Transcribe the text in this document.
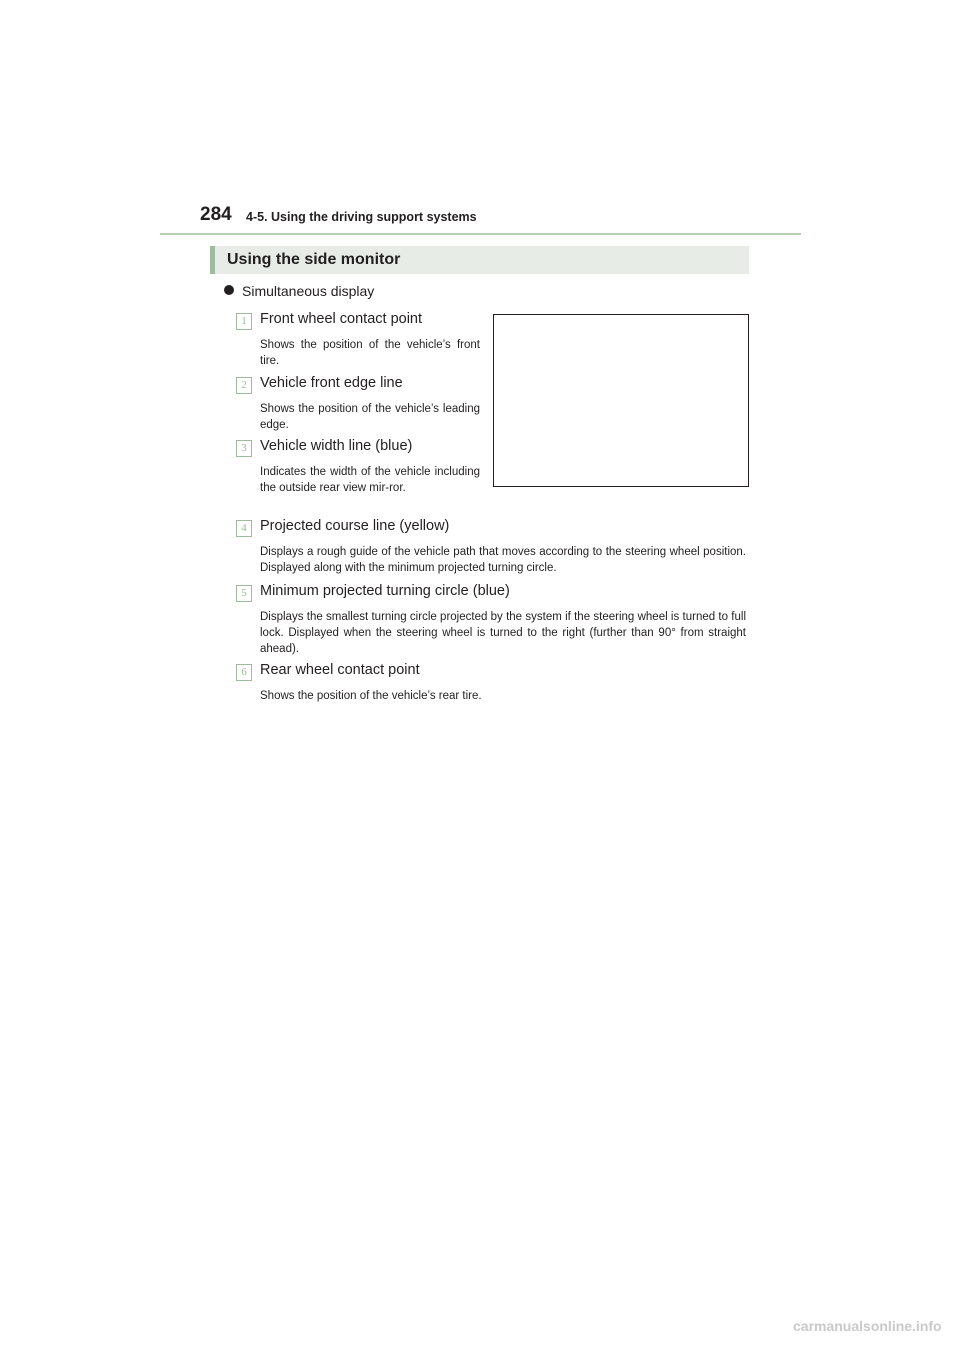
284 4-5. Using the driving support systems
Using the side monitor
Simultaneous display
1 Front wheel contact point
Shows the position of the vehicle’s front tire.
2 Vehicle front edge line
Shows the position of the vehicle’s leading edge.
3 Vehicle width line (blue)
Indicates the width of the vehicle including the outside rear view mir-ror.
4 Projected course line (yellow)
Displays a rough guide of the vehicle path that moves according to the steering wheel position. Displayed along with the minimum projected turning circle.
5 Minimum projected turning circle (blue)
Displays the smallest turning circle projected by the system if the steering wheel is turned to full lock. Displayed when the steering wheel is turned to the right (further than 90° from straight ahead).
6 Rear wheel contact point
Shows the position of the vehicle’s rear tire.
carmanualsonline.info
